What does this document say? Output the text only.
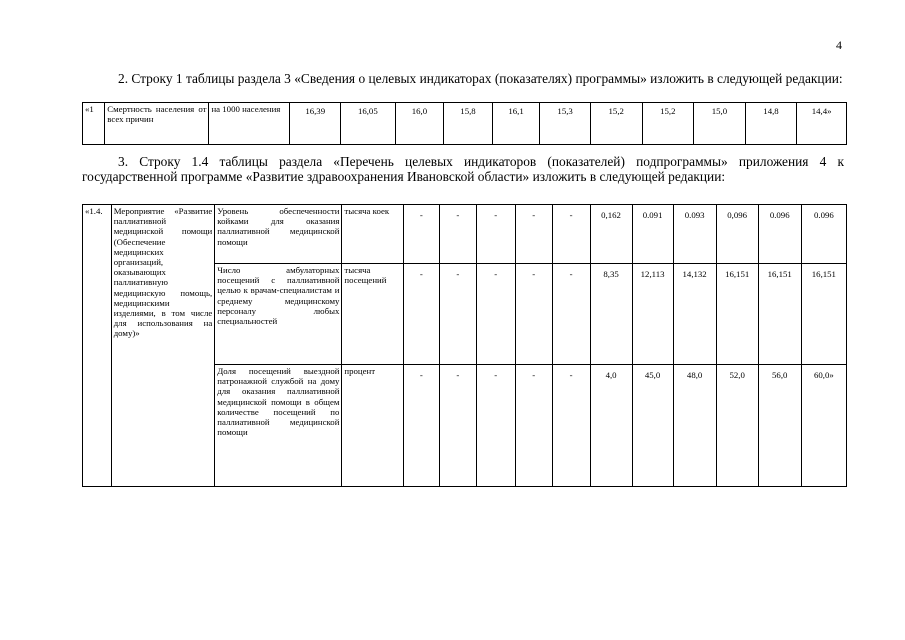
4
2. Строку 1 таблицы раздела 3 «Сведения о целевых индикаторах (показателях) программы» изложить в следующей редакции:
«1	Смертность населения от всех причин	на 1000 населения	16,39	16,05	16,0	15,8	16,1	15,3	15,2	15,2	15,0	14,8	14,4»
3. Строку 1.4 таблицы раздела «Перечень целевых индикаторов (показателей) подпрограммы» приложения 4 к государственной программе «Развитие здравоохранения Ивановской области» изложить в следующей редакции:
«1.4.	Мероприятие «Развитие паллиативной медицинской помощи (Обеспечение медицинских организаций, оказывающих паллиативную медицинскую помощь, медицинскими изделиями, в том числе для использования на дому)»	Уровень обеспеченности койками для оказания паллиативной медицинской помощи	тысяча коек	-	-	-	-	-	0,162	0.091	0.093	0,096	0.096	0.096
		Число амбулаторных посещений с паллиативной целью к врачам-специалистам и среднему медицинскому персоналу любых специальностей	тысяча посещений	-	-	-	-	-	8,35	12,113	14,132	16,151	16,151	16,151
		Доля посещений выездной патронажной службой на дому для оказания паллиативной медицинской помощи в общем количестве посещений по паллиативной медицинской помощи	процент	-	-	-	-	-	4,0	45,0	48,0	52,0	56,0	60,0»
